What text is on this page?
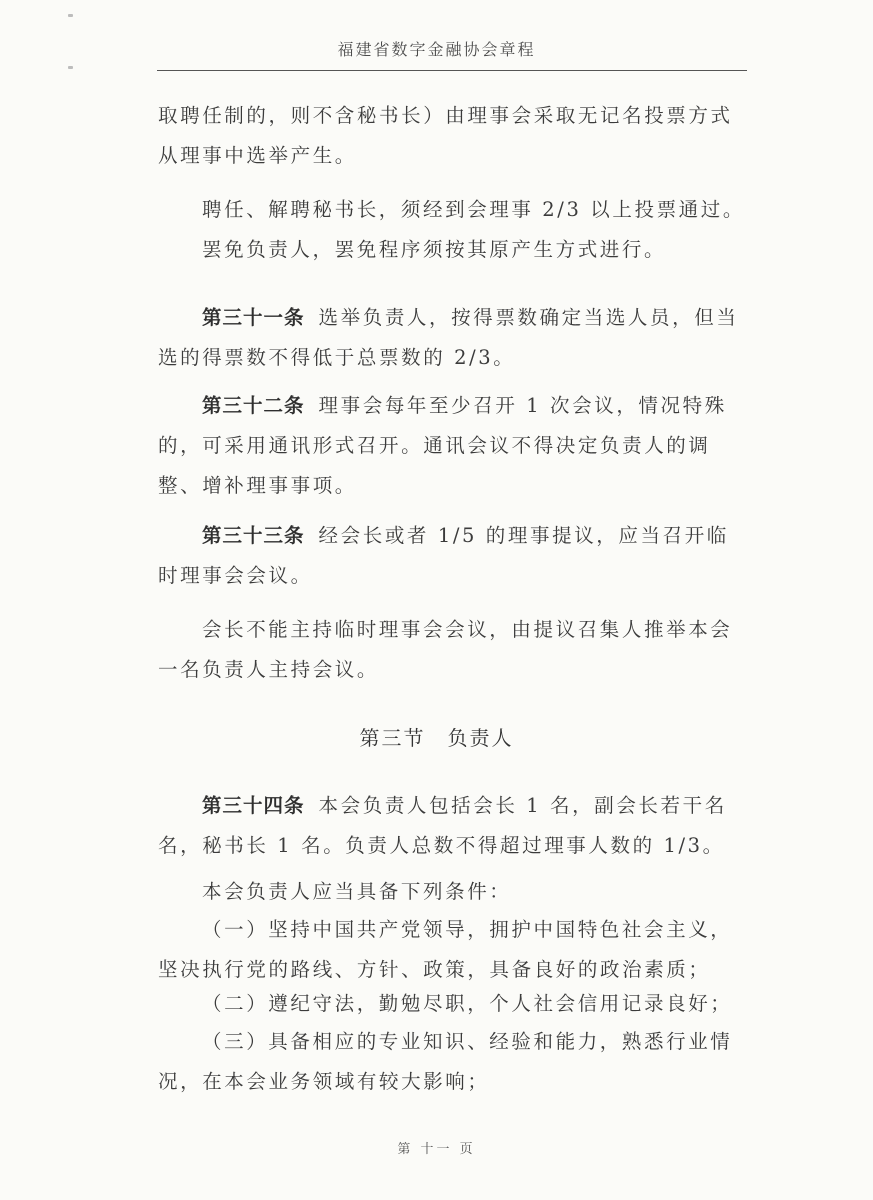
福建省数字金融协会章程

取聘任制的，则不含秘书长）由理事会采取无记名投票方式从理事中选举产生。

聘任、解聘秘书长，须经到会理事 2/3 以上投票通过。

罢免负责人，罢免程序须按其原产生方式进行。

第三十一条 选举负责人，按得票数确定当选人员，但当选的得票数不得低于总票数的 2/3。

第三十二条 理事会每年至少召开 1 次会议，情况特殊的，可采用通讯形式召开。通讯会议不得决定负责人的调整、增补理事事项。

第三十三条 经会长或者 1/5 的理事提议，应当召开临时理事会会议。

会长不能主持临时理事会会议，由提议召集人推举本会一名负责人主持会议。

第三节 负责人

第三十四条 本会负责人包括会长 1 名，副会长若干名名，秘书长 1 名。负责人总数不得超过理事人数的 1/3。

本会负责人应当具备下列条件：

（一）坚持中国共产党领导，拥护中国特色社会主义，坚决执行党的路线、方针、政策，具备良好的政治素质；

（二）遵纪守法，勤勉尽职，个人社会信用记录良好；

（三）具备相应的专业知识、经验和能力，熟悉行业情况，在本会业务领域有较大影响；

第 十一 页
